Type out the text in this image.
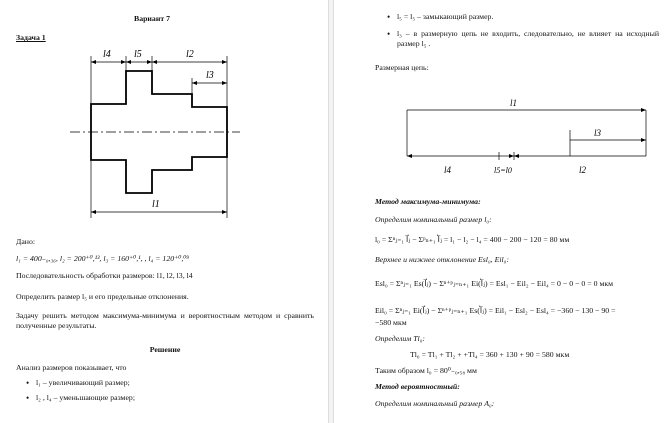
Вариант 7
Задача 1
l4 l5	l2
l3
l1
Дано:
l₁ = 400₋₀,₃₆, l₂ = 200⁺⁰,¹³, l₃ = 160⁺⁰,¹, , l₄ = 120⁺⁰,⁰⁹
Последовательность обработки размеров: l1, l2, l3, l4
Определить размер l₅ и его предельные отклонения.
Задачу решить методом максимума-минимума и вероятностным методом и сравнить полученные результаты.
Решение
Анализ размеров показывает, что
• l₁ – увеличивающий размер;
• l₂ , l₄ – уменьшающие размер;
• l₅ = l₅ – замыкающий размер.
• l₃ – в размерную цепь не входить, следовательно, не влияет на исходный размер l₅ .
Размерная цепь:
l1
l3
l4	l5=l0	l2
Метод максимума-минимума:
Определим номинальный размер l₀:
l₀ = Σⁿⱼ₌₁ l⃗ⱼ − Σᵖₙ₊₁ l⃖ⱼ = l₁ − l₂ − l₄ = 400 − 200 − 120 = 80 мм
Верхнее и нижнее отклонение Esl₀, Eil₀:
Esl₀ = Σⁿⱼ₌₁ Es(l⃗ⱼ) − Σⁿ⁺ᵖⱼ₌ₙ₊₁ Ei(l⃖ⱼ) = Esl₁ − Eil₂ − Eil₄ = 0 − 0 − 0 = 0 мкм
Eil₀ = Σⁿⱼ₌₁ Ei(l⃗ⱼ) − Σⁿ⁺ᵖⱼ₌ₙ₊₁ Es(l⃖ⱼ) = Eil₁ − Esl₂ − Esl₄ = −360 − 130 − 90 =
−580 мкм
Определим Tl₀:
Tl₀ = Tl₁ + Tl₂ + +Tl₄ = 360 + 130 + 90 = 580 мкм
Таким образом l₀ = 80⁰₋₀,₅₈ мм
Метод вероятностный:
Определим номинальный размер A₀:
